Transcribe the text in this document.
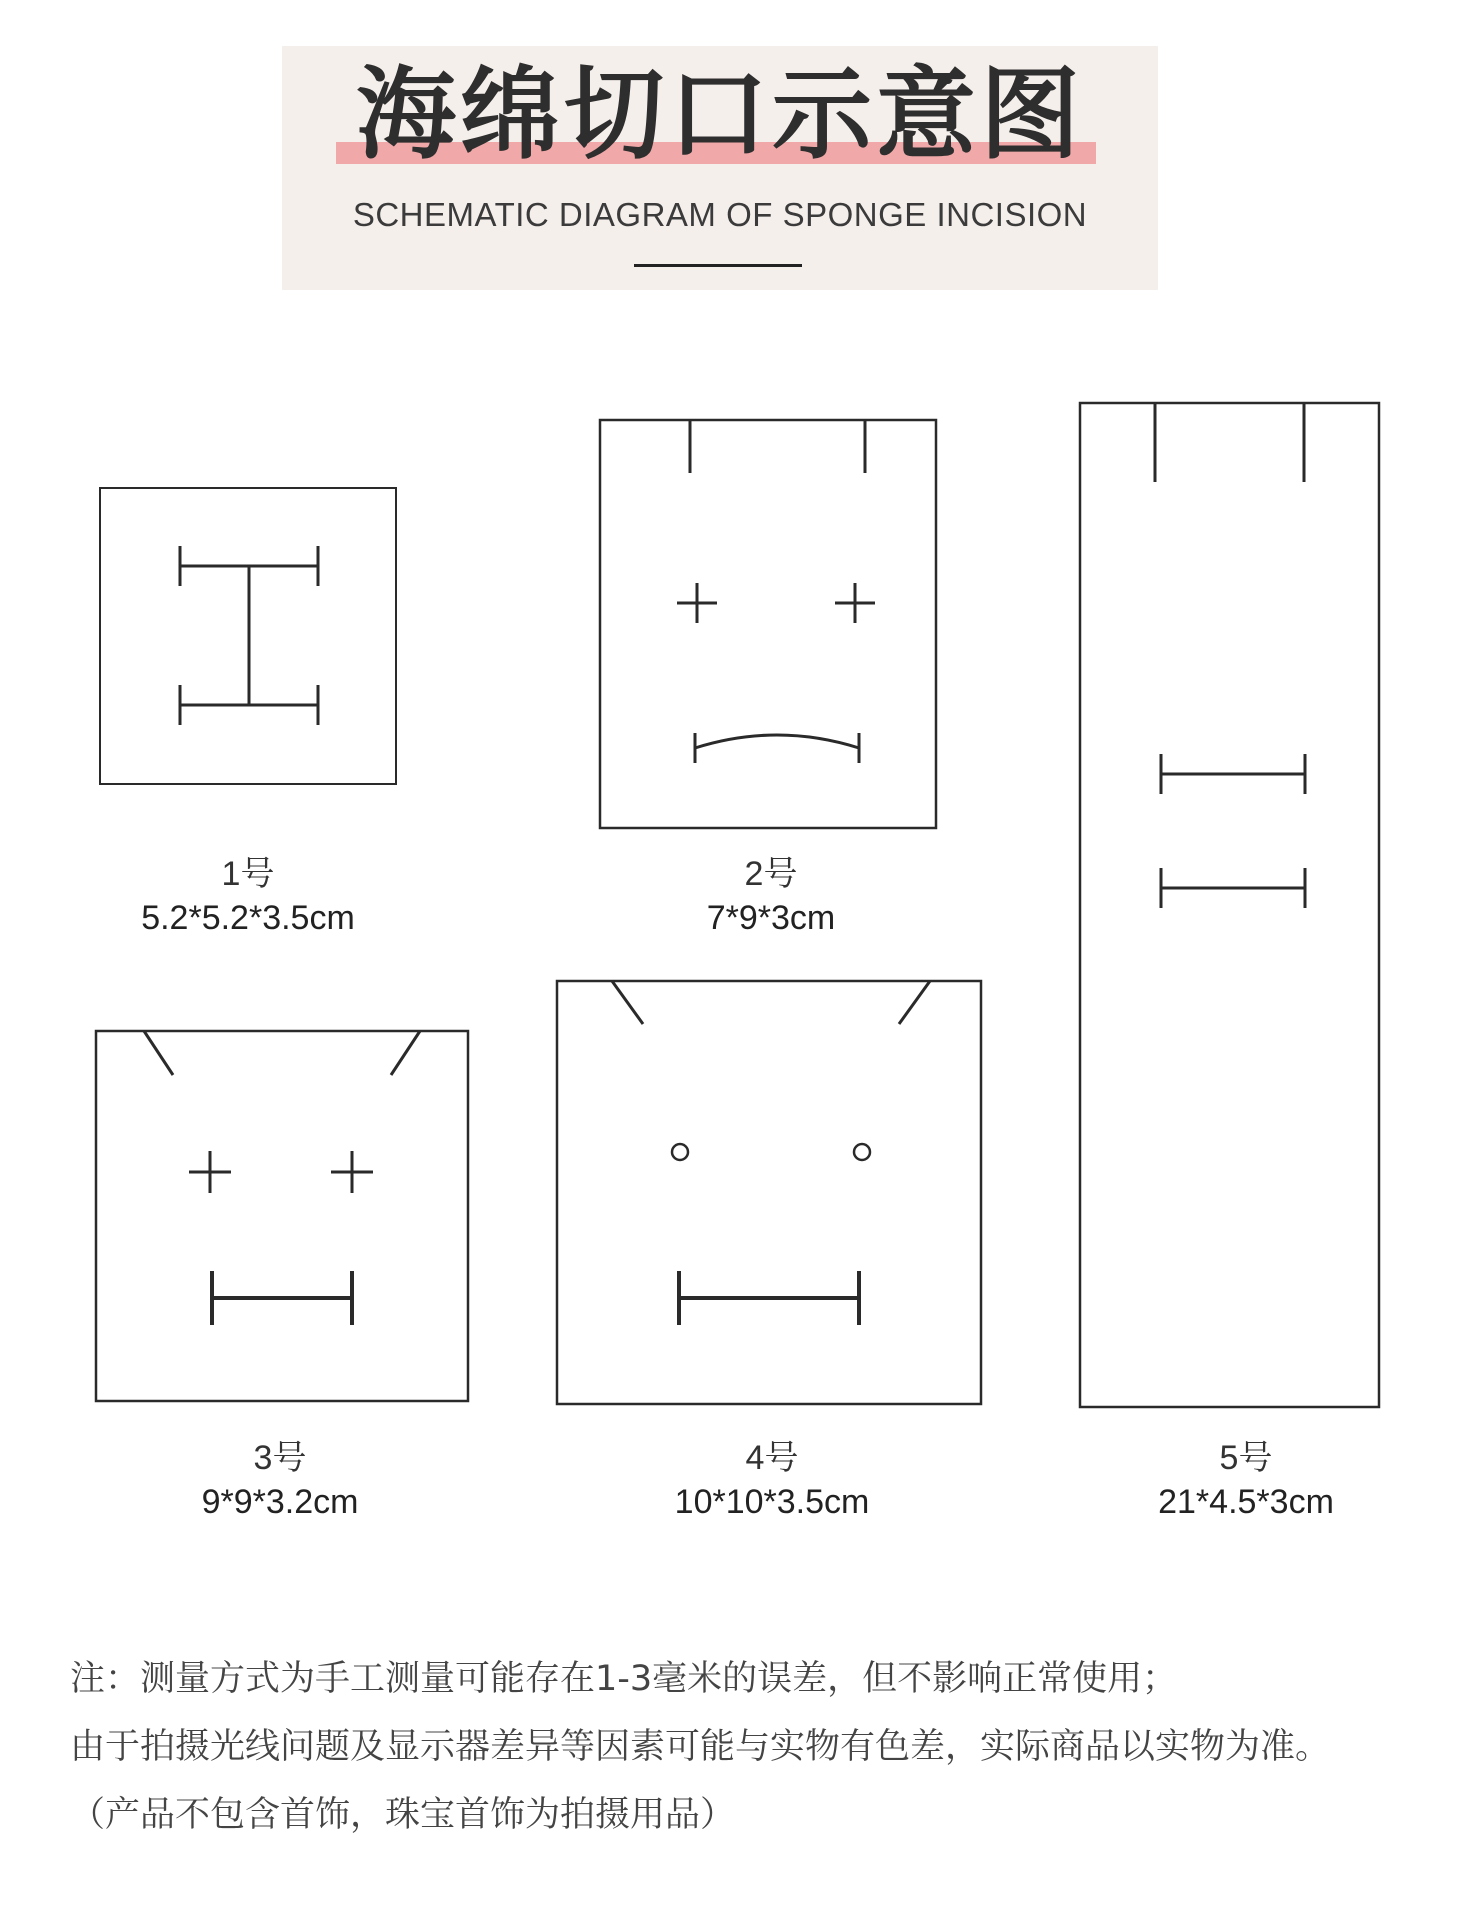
海绵切口示意图
SCHEMATIC DIAGRAM OF SPONGE INCISION
1号
5.2*5.2*3.5cm
2号
7*9*3cm
3号
9*9*3.2cm
4号
10*10*3.5cm
5号
21*4.5*3cm

注：测量方式为手工测量可能存在1-3毫米的误差，但不影响正常使用；

由于拍摄光线问题及显示器差异等因素可能与实物有色差，实际商品以实物为准。

（产品不包含首饰，珠宝首饰为拍摄用品）
